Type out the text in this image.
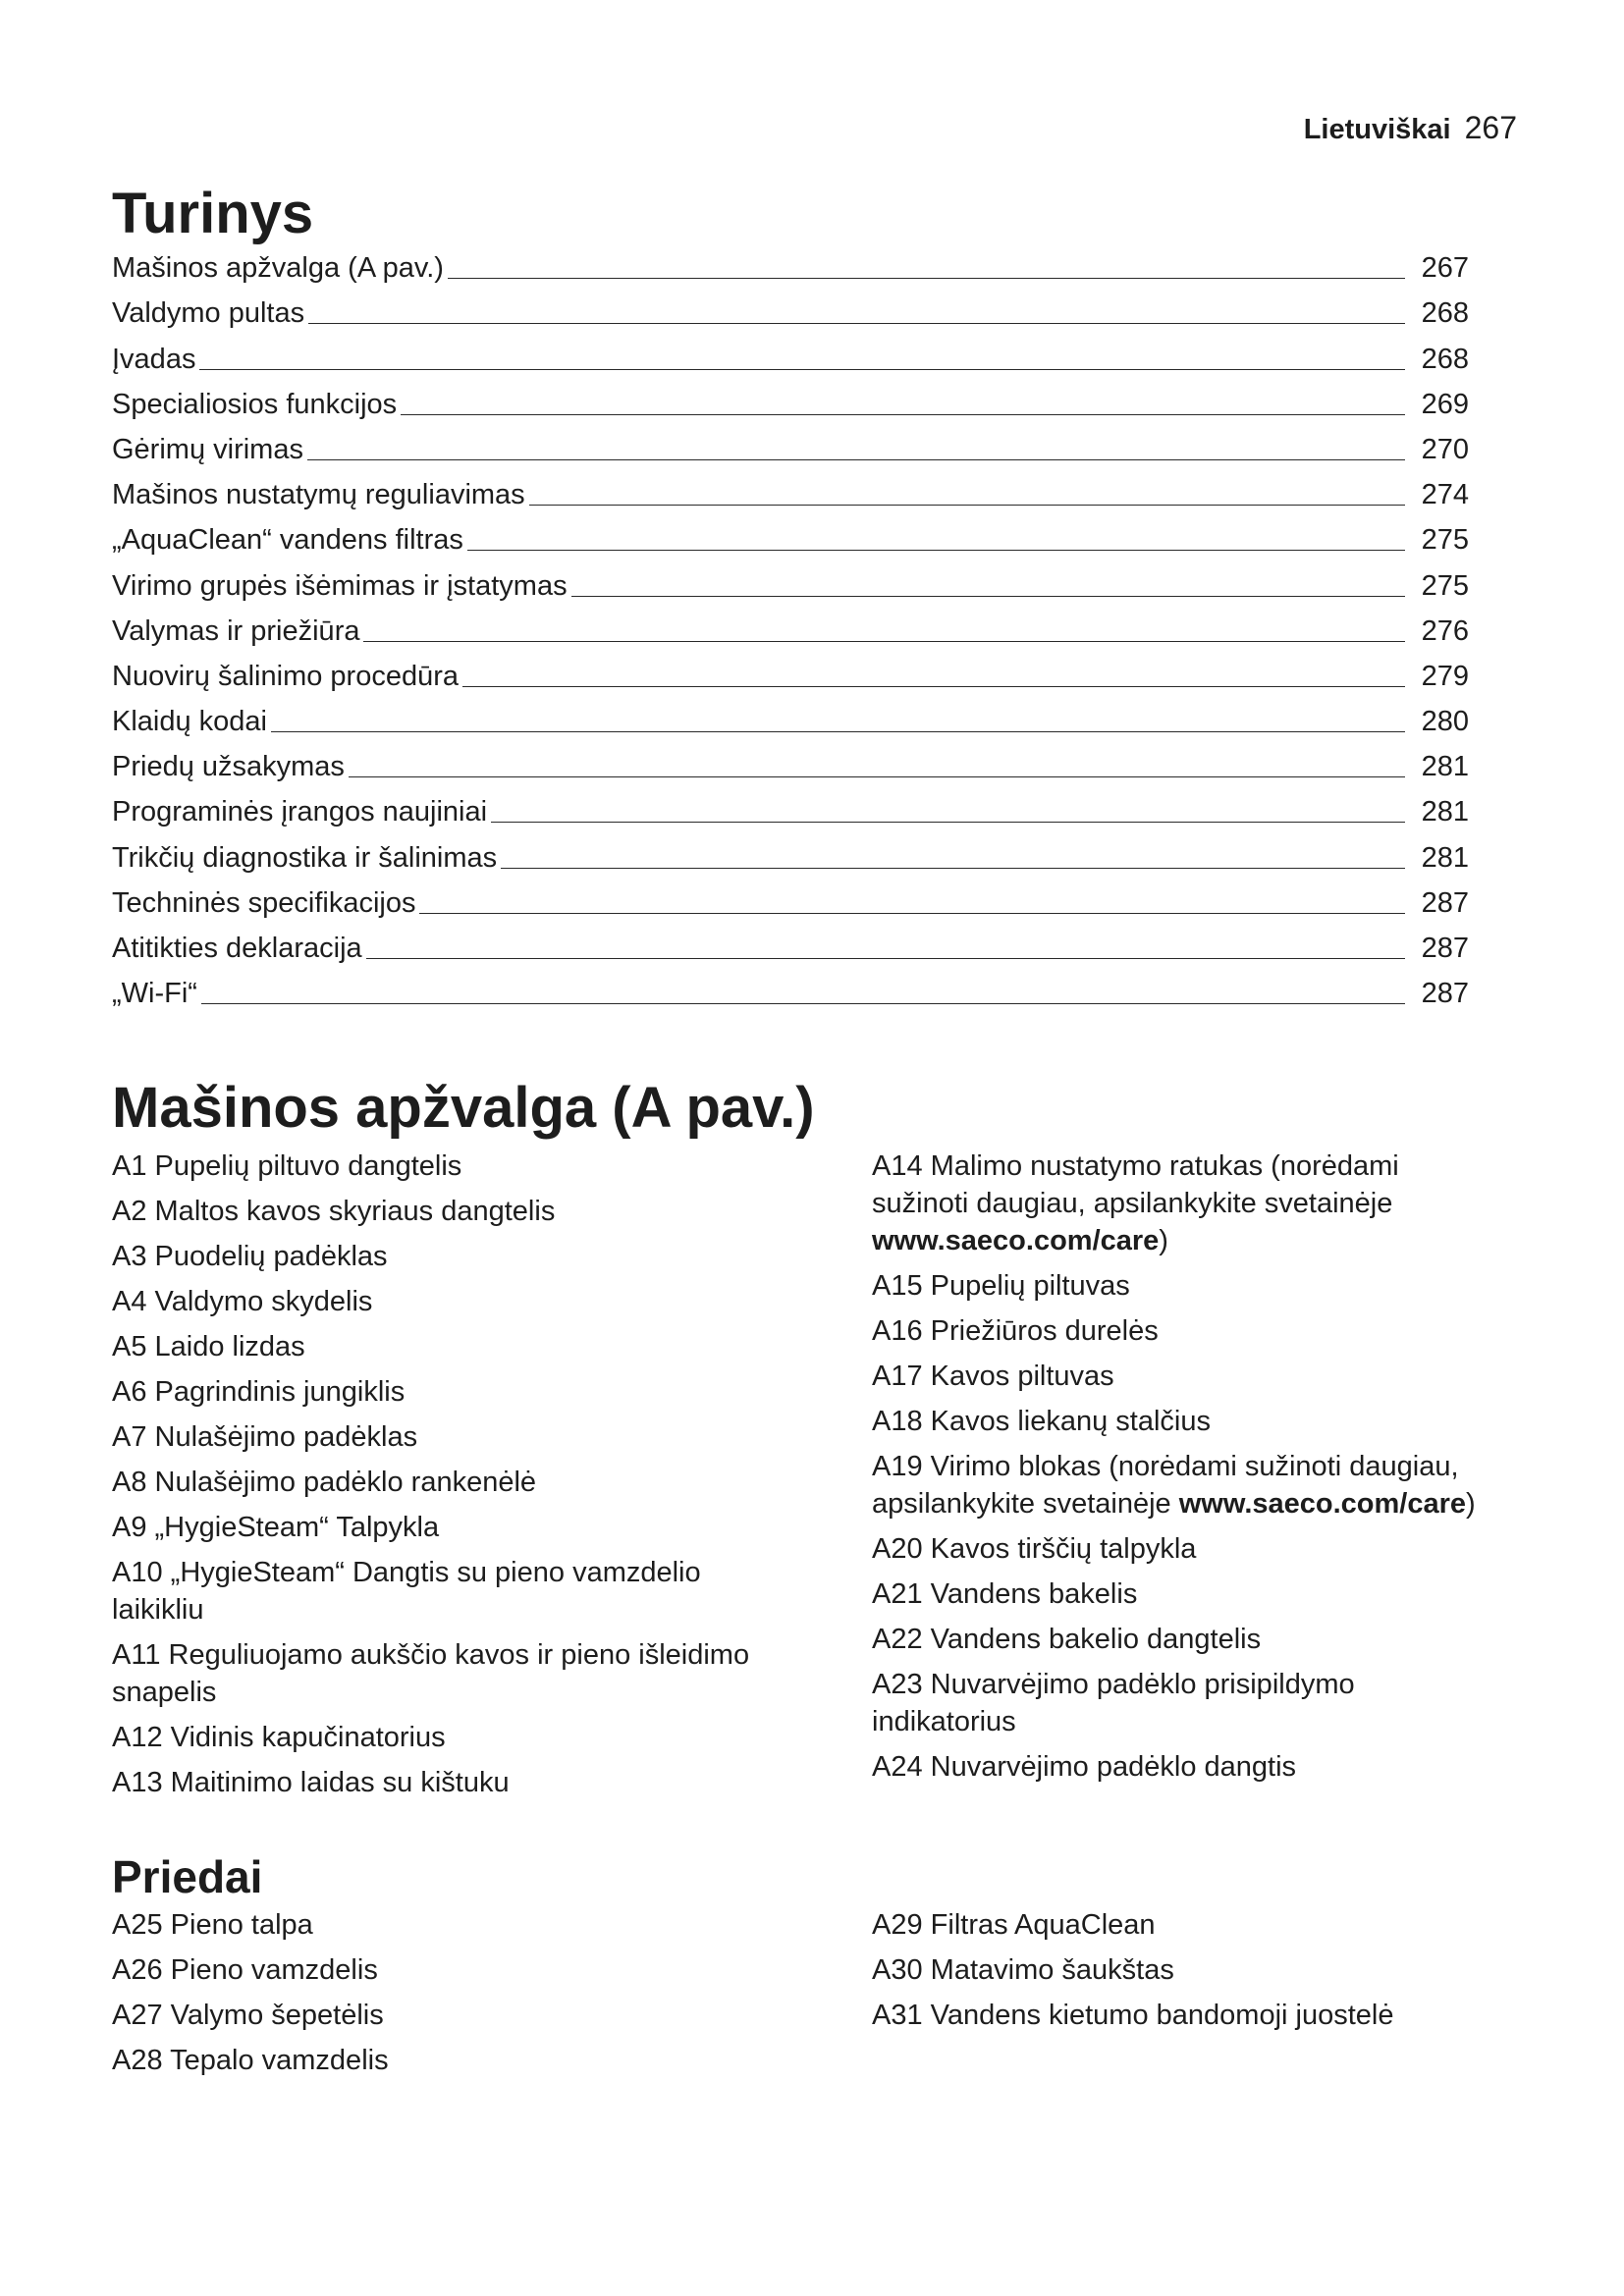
Lietuviškai 267
Turinys
Mašinos apžvalga (A pav.)	267
Valdymo pultas	268
Įvadas	268
Specialiosios funkcijos	269
Gėrimų virimas	270
Mašinos nustatymų reguliavimas	274
„AquaClean“ vandens filtras	275
Virimo grupės išėmimas ir įstatymas	275
Valymas ir priežiūra	276
Nuovirų šalinimo procedūra	279
Klaidų kodai	280
Priedų užsakymas	281
Programinės įrangos naujiniai	281
Trikčių diagnostika ir šalinimas	281
Techninės specifikacijos	287
Atitikties deklaracija	287
„Wi-Fi“	287
Mašinos apžvalga (A pav.)
A1 Pupelių piltuvo dangtelis
A2 Maltos kavos skyriaus dangtelis
A3 Puodelių padėklas
A4 Valdymo skydelis
A5 Laido lizdas
A6 Pagrindinis jungiklis
A7 Nulašėjimo padėklas
A8 Nulašėjimo padėklo rankenėlė
A9 „HygieSteam“ Talpykla
A10 „HygieSteam“ Dangtis su pieno vamzdelio
laikikliu
A11 Reguliuojamo aukščio kavos ir pieno išleidimo
snapelis
A12 Vidinis kapučinatorius
A13 Maitinimo laidas su kištuku
A14 Malimo nustatymo ratukas (norėdami
sužinoti daugiau, apsilankykite svetainėje
www.saeco.com/care)
A15 Pupelių piltuvas
A16 Priežiūros durelės
A17 Kavos piltuvas
A18 Kavos liekanų stalčius
A19 Virimo blokas (norėdami sužinoti daugiau,
apsilankykite svetainėje www.saeco.com/care)
A20 Kavos tirščių talpykla
A21 Vandens bakelis
A22 Vandens bakelio dangtelis
A23 Nuvarvėjimo padėklo prisipildymo
indikatorius
A24 Nuvarvėjimo padėklo dangtis
Priedai
A25 Pieno talpa
A26 Pieno vamzdelis
A27 Valymo šepetėlis
A28 Tepalo vamzdelis
A29 Filtras AquaClean
A30 Matavimo šaukštas
A31 Vandens kietumo bandomoji juostelė
